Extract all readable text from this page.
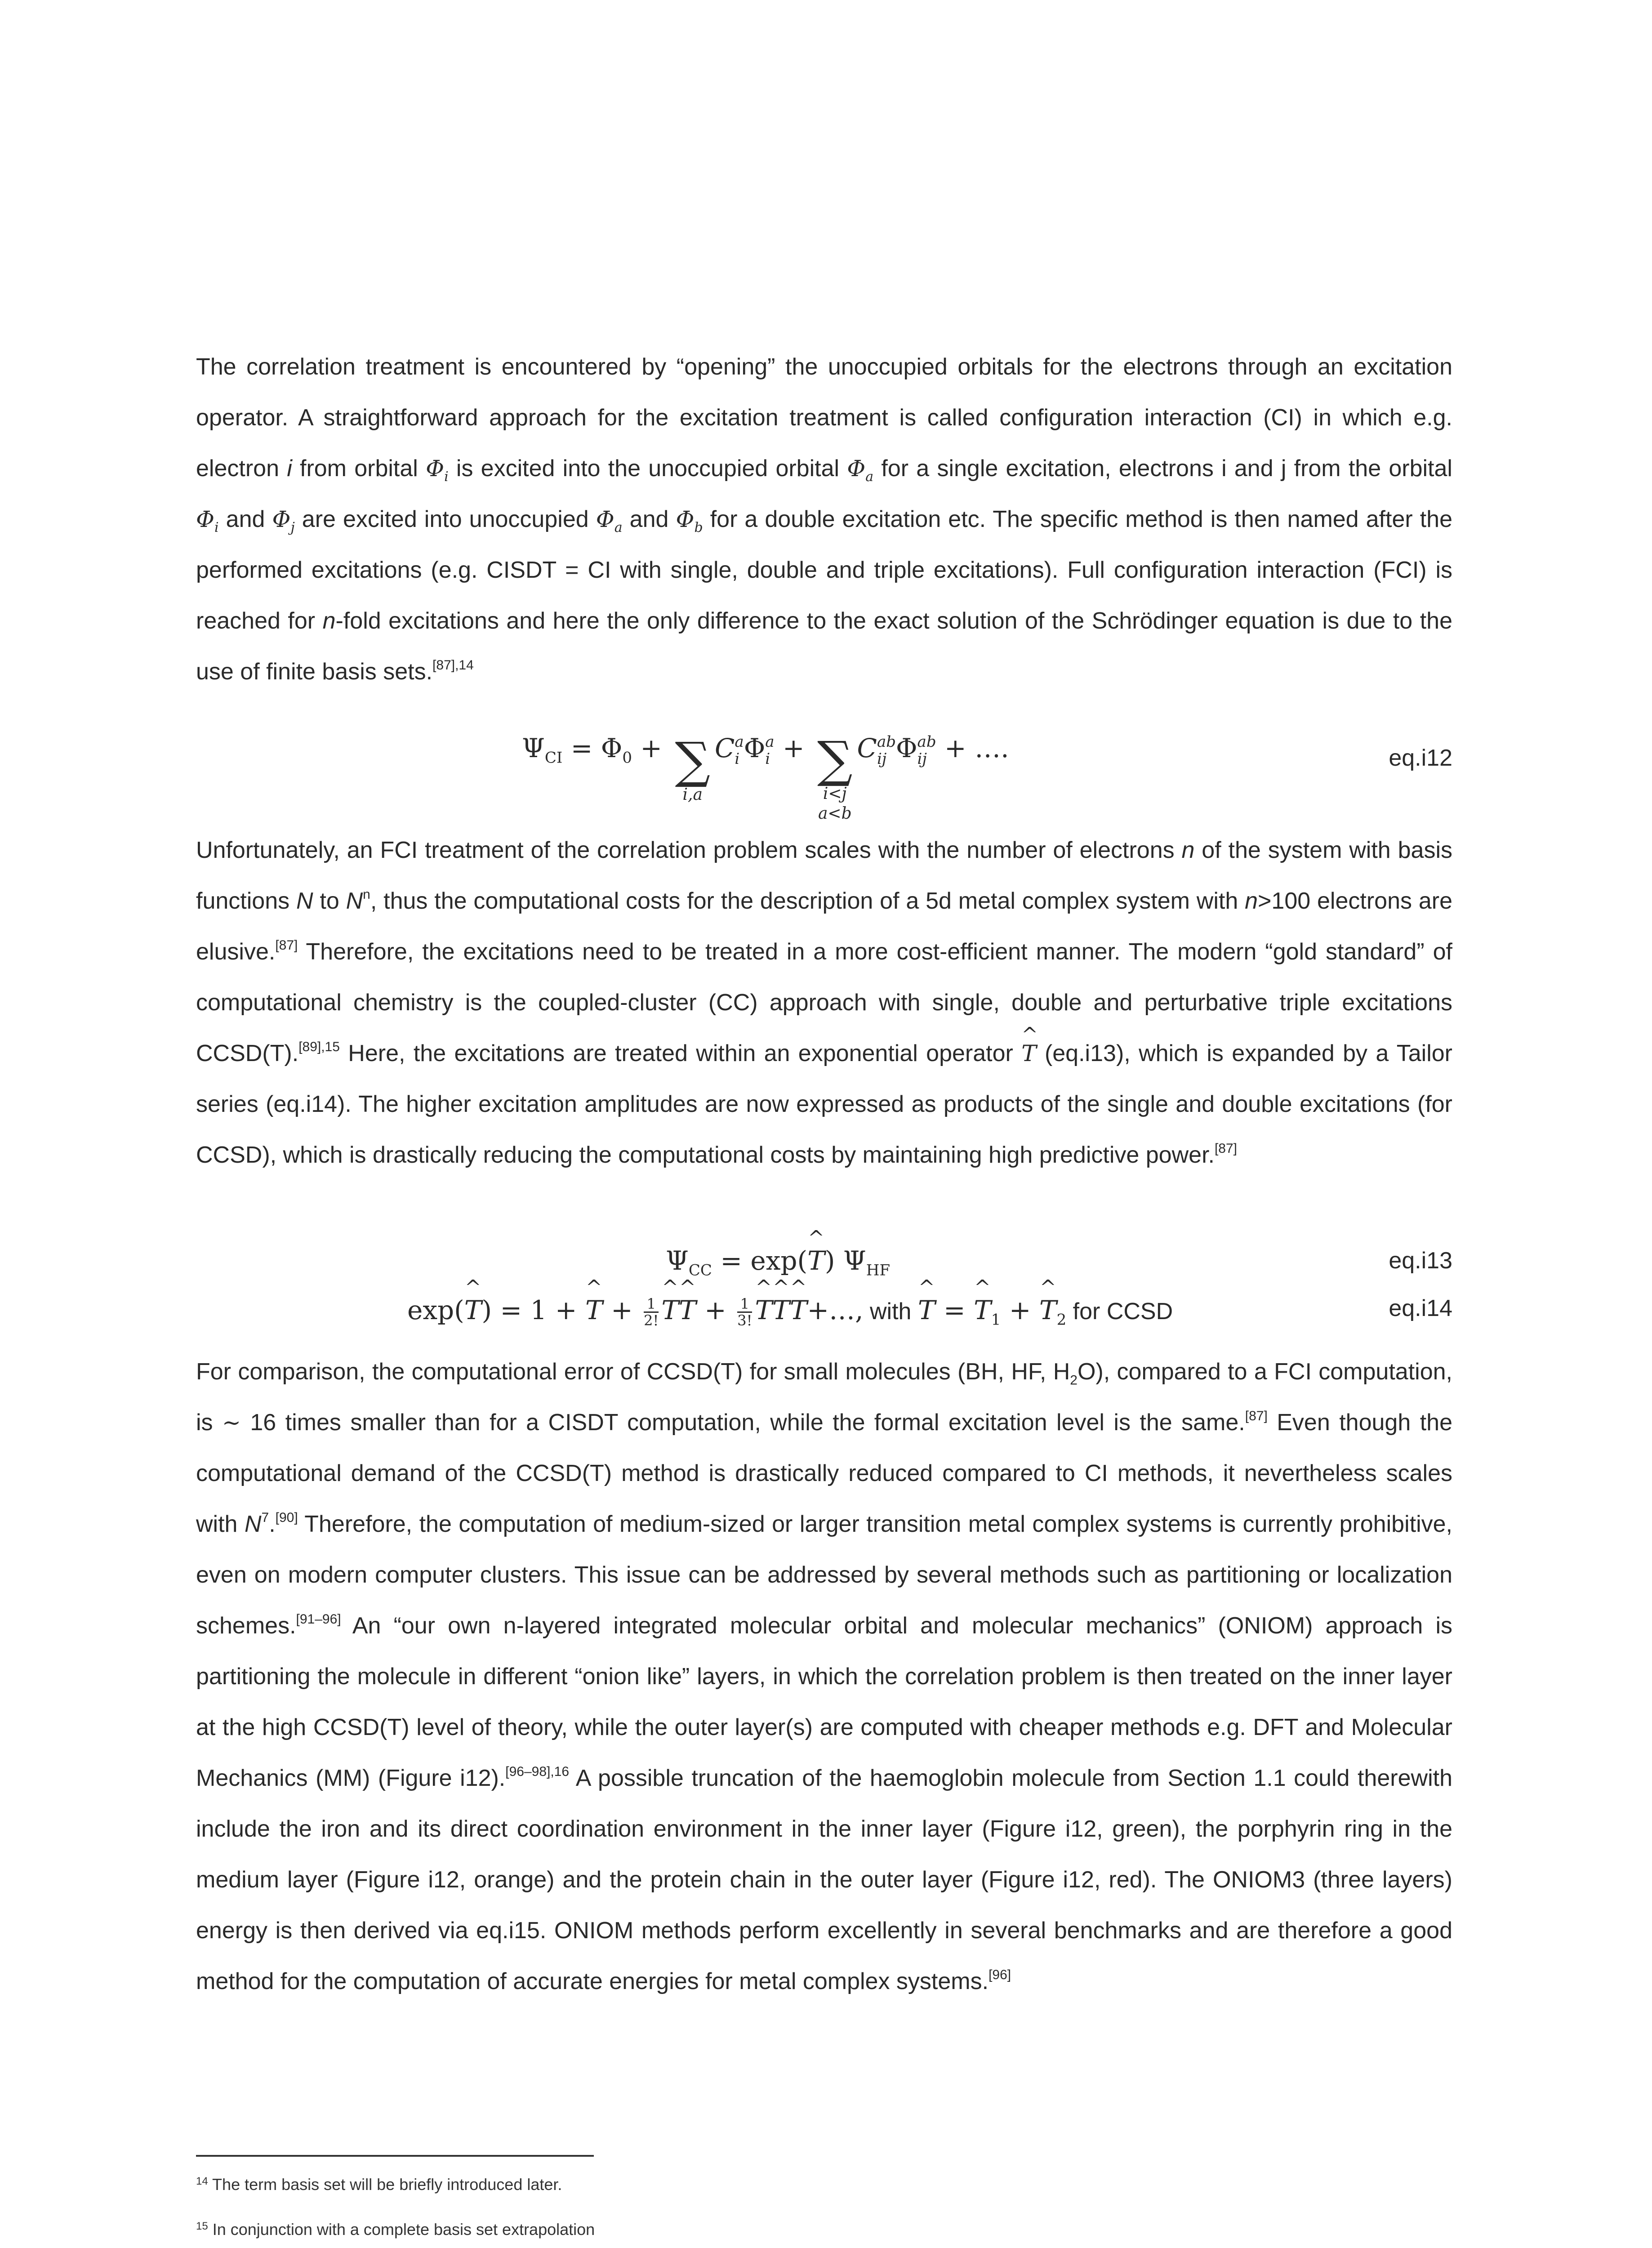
The correlation treatment is encountered by “opening” the unoccupied orbitals for the electrons through an excitation operator. A straightforward approach for the excitation treatment is called configuration interaction (CI) in which e.g. electron i from orbital $\Phi_i$ is excited into the unoccupied orbital $\Phi_a$ for a single excitation, electrons i and j from the orbital $\Phi_i$ and $\Phi_j$ are excited into unoccupied $\Phi_a$ and $\Phi_b$ for a double excitation etc. The specific method is then named after the performed excitations (e.g. CISDT = CI with single, double and triple excitations). Full configuration interaction (FCI) is reached for n-fold excitations and here the only difference to the exact solution of the Schrödinger equation is due to the use of finite basis sets.$^{[87],14}$

$\Psi_{CI} = \Phi_0$ + ∑
i,a
C a
i Φ a
i + ∑
i<j
a<b
C ab
ij Φ ab
ij + ….	eq.i12

Unfortunately, an FCI treatment of the correlation problem scales with the number of electrons n of the system with basis functions N to $N^n$, thus the computational costs for the description of a 5d metal complex system with n>100 electrons are elusive.[87] Therefore, the excitations need to be treated in a more cost-efficient manner. The modern “gold standard” of computational chemistry is the coupled-cluster (CC) approach with single, double and perturbative triple excitations CCSD(T).$^{[89],15}$ Here, the excitations are treated within an exponential operator ^ T (eq.i13), which is expanded by a Tailor series (eq.i14). The higher excitation amplitudes are now expressed as products of the single and double excitations (for CCSD), which is drastically reducing the computational costs by maintaining high predictive power.[87]

$\Psi_{CC}$ = exp(^ T) $\Psi_{HF}$	eq.i13
exp(^ T) = 1 + ^ $T + \frac{1}{2!}$ ^ T^ $T + \frac{1}{3!}$ ^ T^ T^ T+…, with ^ T = ^ $T_1$ + ^ $T_2$ for CCSD	eq.i14

For comparison, the computational error of CCSD(T) for small molecules (BH, HF, $H_2O$), compared to a FCI computation, is ∼ 16 times smaller than for a CISDT computation, while the formal excitation level is the same.[87] Even though the computational demand of the CCSD(T) method is drastically reduced compared to CI methods, it nevertheless scales with $N^7.[90]$ Therefore, the computation of medium-sized or larger transition metal complex systems is currently prohibitive, even on modern computer clusters. This issue can be addressed by several methods such as partitioning or localization schemes.[91–96] An “our own n-layered integrated molecular orbital and molecular mechanics” (ONIOM) approach is partitioning the molecule in different “onion like” layers, in which the correlation problem is then treated on the inner layer at the high CCSD(T) level of theory, while the outer layer(s) are computed with cheaper methods e.g. DFT and Molecular Mechanics (MM) (Figure i12).$^{[96-98],16}$ A possible truncation of the haemoglobin molecule from Section 1.1 could therewith include the iron and its direct coordination environment in the inner layer (Figure i12, green), the porphyrin ring in the medium layer (Figure i12, orange) and the protein chain in the outer layer (Figure i12, red). The ONIOM3 (three layers) energy is then derived via eq.i15. ONIOM methods perform excellently in several benchmarks and are therefore a good method for the computation of accurate energies for metal complex systems.[96]

$^{14}$ The term basis set will be briefly introduced later.
$^{15}$ In conjunction with a complete basis set extrapolation
